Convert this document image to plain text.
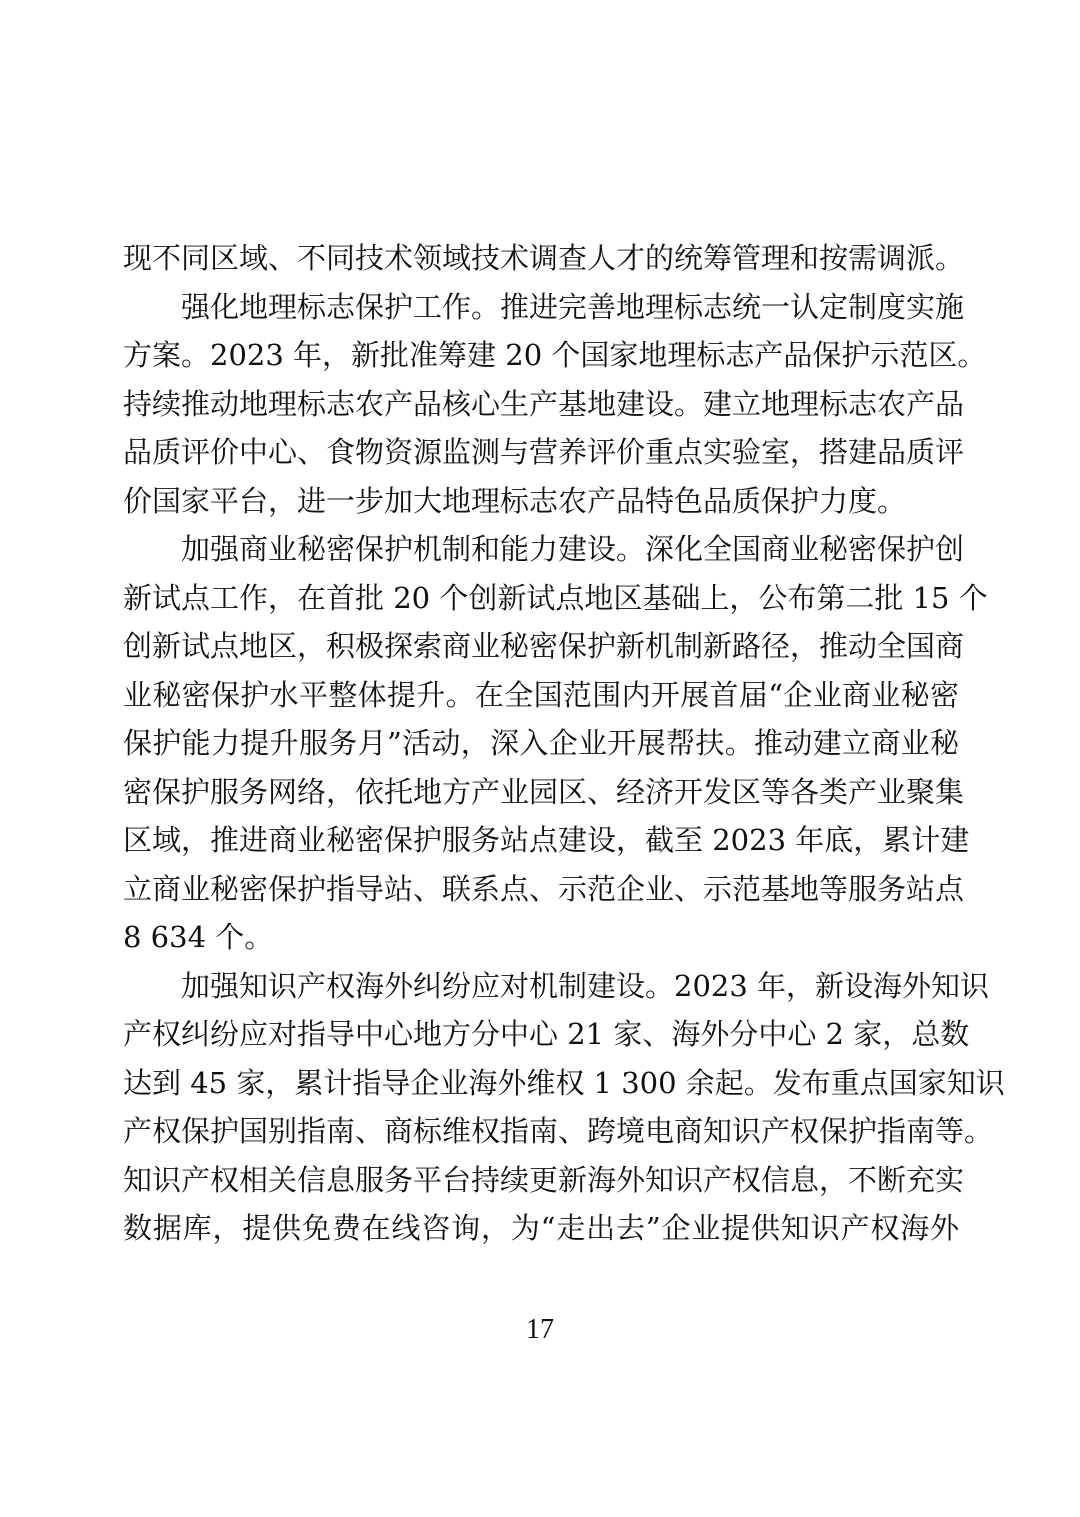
现不同区域、不同技术领域技术调查人才的统筹管理和按需调派。
强化地理标志保护工作。推进完善地理标志统一认定制度实施
方案。2023 年，新批准筹建 20 个国家地理标志产品保护示范区。
持续推动地理标志农产品核心生产基地建设。建立地理标志农产品
品质评价中心、食物资源监测与营养评价重点实验室，搭建品质评
价国家平台，进一步加大地理标志农产品特色品质保护力度。
加强商业秘密保护机制和能力建设。深化全国商业秘密保护创
新试点工作，在首批 20 个创新试点地区基础上，公布第二批 15 个
创新试点地区，积极探索商业秘密保护新机制新路径，推动全国商
业秘密保护水平整体提升。在全国范围内开展首届“企业商业秘密
保护能力提升服务月”活动，深入企业开展帮扶。推动建立商业秘
密保护服务网络，依托地方产业园区、经济开发区等各类产业聚集
区域，推进商业秘密保护服务站点建设，截至 2023 年底，累计建
立商业秘密保护指导站、联系点、示范企业、示范基地等服务站点
8 634 个。
加强知识产权海外纠纷应对机制建设。2023 年，新设海外知识
产权纠纷应对指导中心地方分中心 21 家、海外分中心 2 家，总数
达到 45 家，累计指导企业海外维权 1 300 余起。发布重点国家知识
产权保护国别指南、商标维权指南、跨境电商知识产权保护指南等。
知识产权相关信息服务平台持续更新海外知识产权信息，不断充实
数据库，提供免费在线咨询，为“走出去”企业提供知识产权海外
17
